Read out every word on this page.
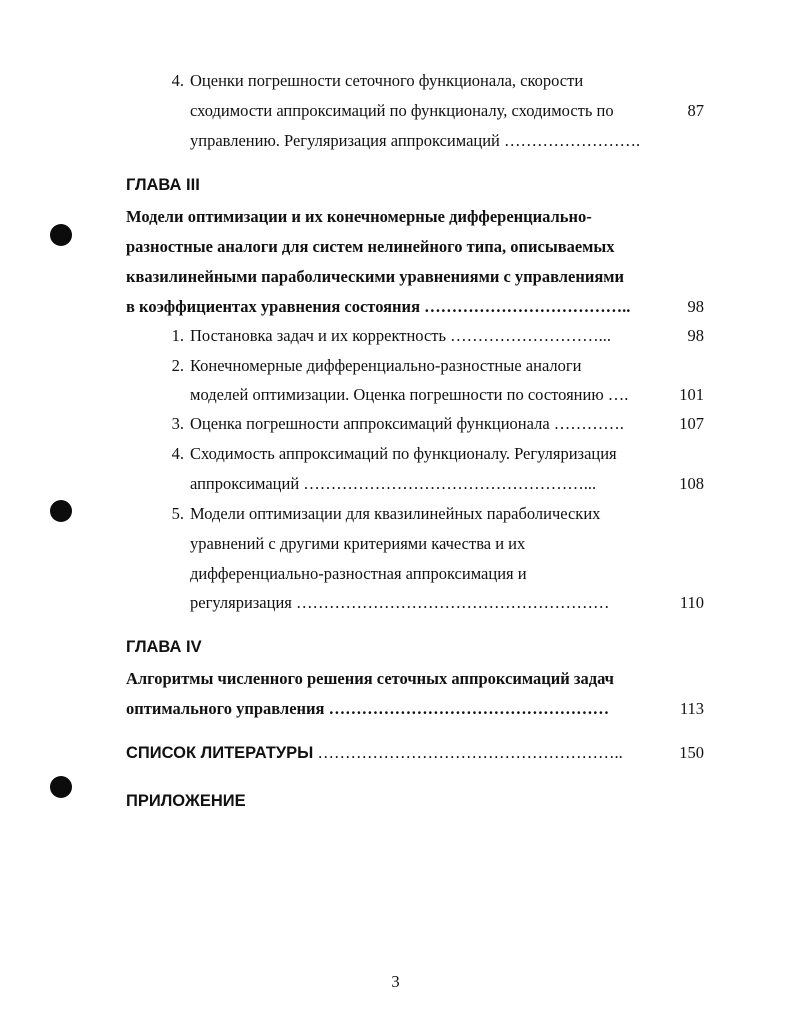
4. Оценки погрешности сеточного функционала, скорости
сходимости аппроксимаций по функционалу, сходимость по	87
управлению. Регуляризация аппроксимаций …………………….
ГЛАВА III
Модели оптимизации и их конечномерные дифференциально-
разностные аналоги для систем нелинейного типа, описываемых
квазилинейными параболическими уравнениями с управлениями
в коэффициентах уравнения состояния ………………………………..	98
1. Постановка задач и их корректность ………………………...	98
2. Конечномерные дифференциально-разностные аналоги
моделей оптимизации. Оценка погрешности по состоянию ….	101
3. Оценка погрешности аппроксимаций функционала ………….	107
4. Сходимость аппроксимаций по функционалу. Регуляризация
аппроксимаций ……………………………………………...	108
5. Модели оптимизации для квазилинейных параболических
уравнений с другими критериями качества и их
дифференциально-разностная аппроксимация и
регуляризация …………………………………………………	110
ГЛАВА IV
Алгоритмы численного решения сеточных аппроксимаций задач
оптимального управления ……………………………………………	113
СПИСОК ЛИТЕРАТУРЫ ………………………………………………..	150
ПРИЛОЖЕНИЕ
3
